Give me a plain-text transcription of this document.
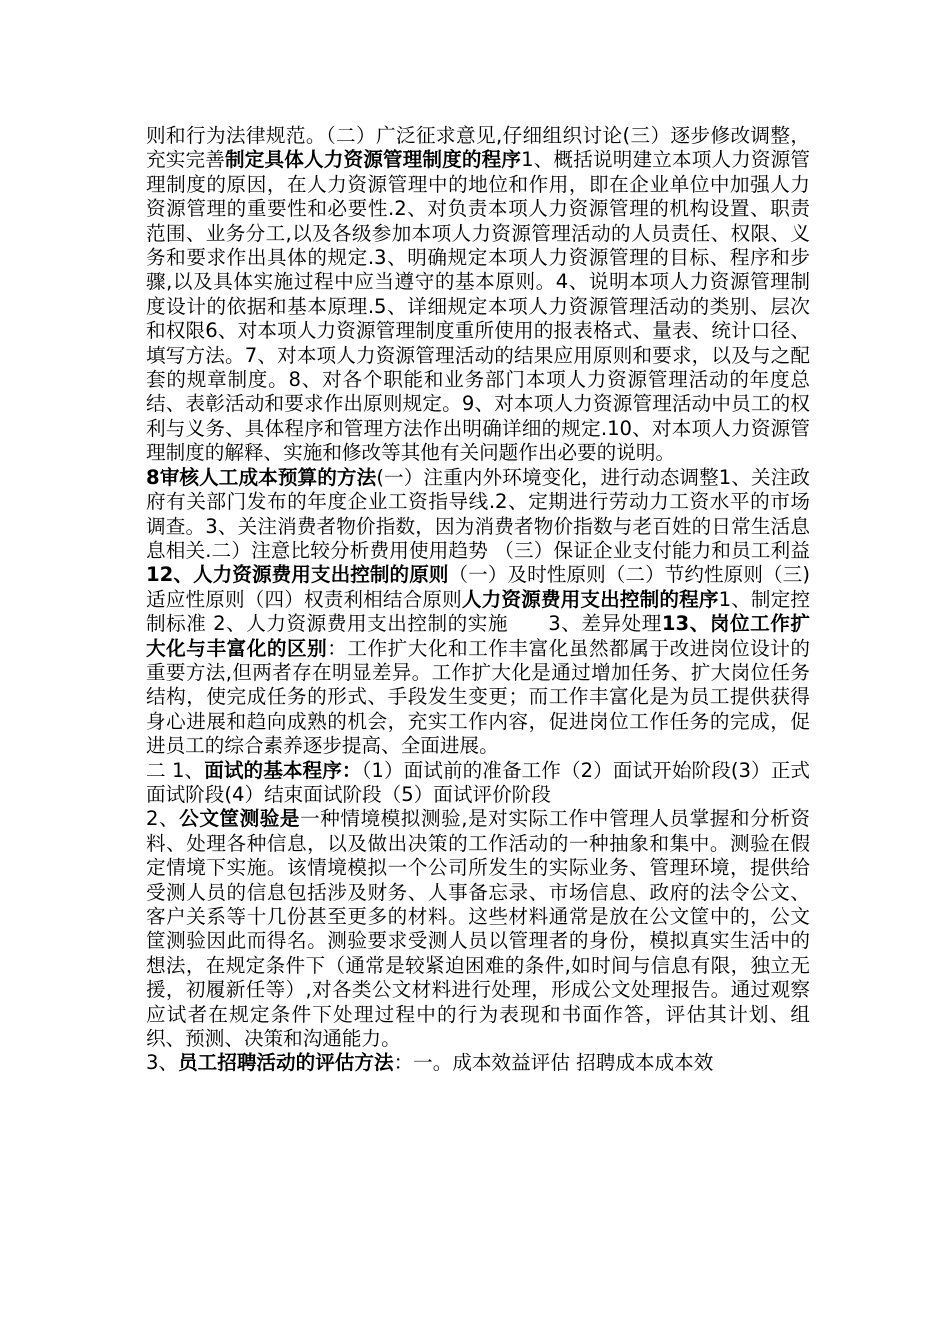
则和行为法律规范。（二）广泛征求意见,仔细组织讨论(三）逐步修改调整，充实完善制定具体人力资源管理制度的程序1、概括说明建立本项人力资源管理制度的原因，在人力资源管理中的地位和作用，即在企业单位中加强人力资源管理的重要性和必要性.2、对负责本项人力资源管理的机构设置、职责范围、业务分工,以及各级参加本项人力资源管理活动的人员责任、权限、义务和要求作出具体的规定.3、明确规定本项人力资源管理的目标、程序和步骤,以及具体实施过程中应当遵守的基本原则。4、说明本项人力资源管理制度设计的依据和基本原理.5、详细规定本项人力资源管理活动的类别、层次和权限6、对本项人力资源管理制度重所使用的报表格式、量表、统计口径、填写方法。7、对本项人力资源管理活动的结果应用原则和要求，以及与之配套的规章制度。8、对各个职能和业务部门本项人力资源管理活动的年度总结、表彰活动和要求作出原则规定。9、对本项人力资源管理活动中员工的权利与义务、具体程序和管理方法作出明确详细的规定.10、对本项人力资源管理制度的解释、实施和修改等其他有关问题作出必要的说明。

8审核人工成本预算的方法(一）注重内外环境变化，进行动态调整1、关注政府有关部门发布的年度企业工资指导线.2、定期进行劳动力工资水平的市场调查。3、关注消费者物价指数，因为消费者物价指数与老百姓的日常生活息息相关.二）注意比较分析费用使用趋势 （三）保证企业支付能力和员工利益12、人力资源费用支出控制的原则（一）及时性原则（二）节约性原则（三)适应性原则（四）权责利相结合原则人力资源费用支出控制的程序1、制定控制标准 2、人力资源费用支出控制的实施　　3、差异处理13、岗位工作扩大化与丰富化的区别：工作扩大化和工作丰富化虽然都属于改进岗位设计的重要方法,但两者存在明显差异。工作扩大化是通过增加任务、扩大岗位任务结构，使完成任务的形式、手段发生变更；而工作丰富化是为员工提供获得身心进展和趋向成熟的机会，充实工作内容，促进岗位工作任务的完成，促进员工的综合素养逐步提高、全面进展。

二 1、面试的基本程序：（1）面试前的准备工作（2）面试开始阶段(3）正式面试阶段(4）结束面试阶段（5）面试评价阶段

2、公文筐测验是一种情境模拟测验,是对实际工作中管理人员掌握和分析资料、处理各种信息，以及做出决策的工作活动的一种抽象和集中。测验在假定情境下实施。该情境模拟一个公司所发生的实际业务、管理环境，提供给受测人员的信息包括涉及财务、人事备忘录、市场信息、政府的法令公文、客户关系等十几份甚至更多的材料。这些材料通常是放在公文筐中的，公文筐测验因此而得名。测验要求受测人员以管理者的身份，模拟真实生活中的想法，在规定条件下（通常是较紧迫困难的条件,如时间与信息有限，独立无援，初履新任等）,对各类公文材料进行处理，形成公文处理报告。通过观察应试者在规定条件下处理过程中的行为表现和书面作答，评估其计划、组织、预测、决策和沟通能力。

3、员工招聘活动的评估方法：一。成本效益评估 招聘成本成本效
